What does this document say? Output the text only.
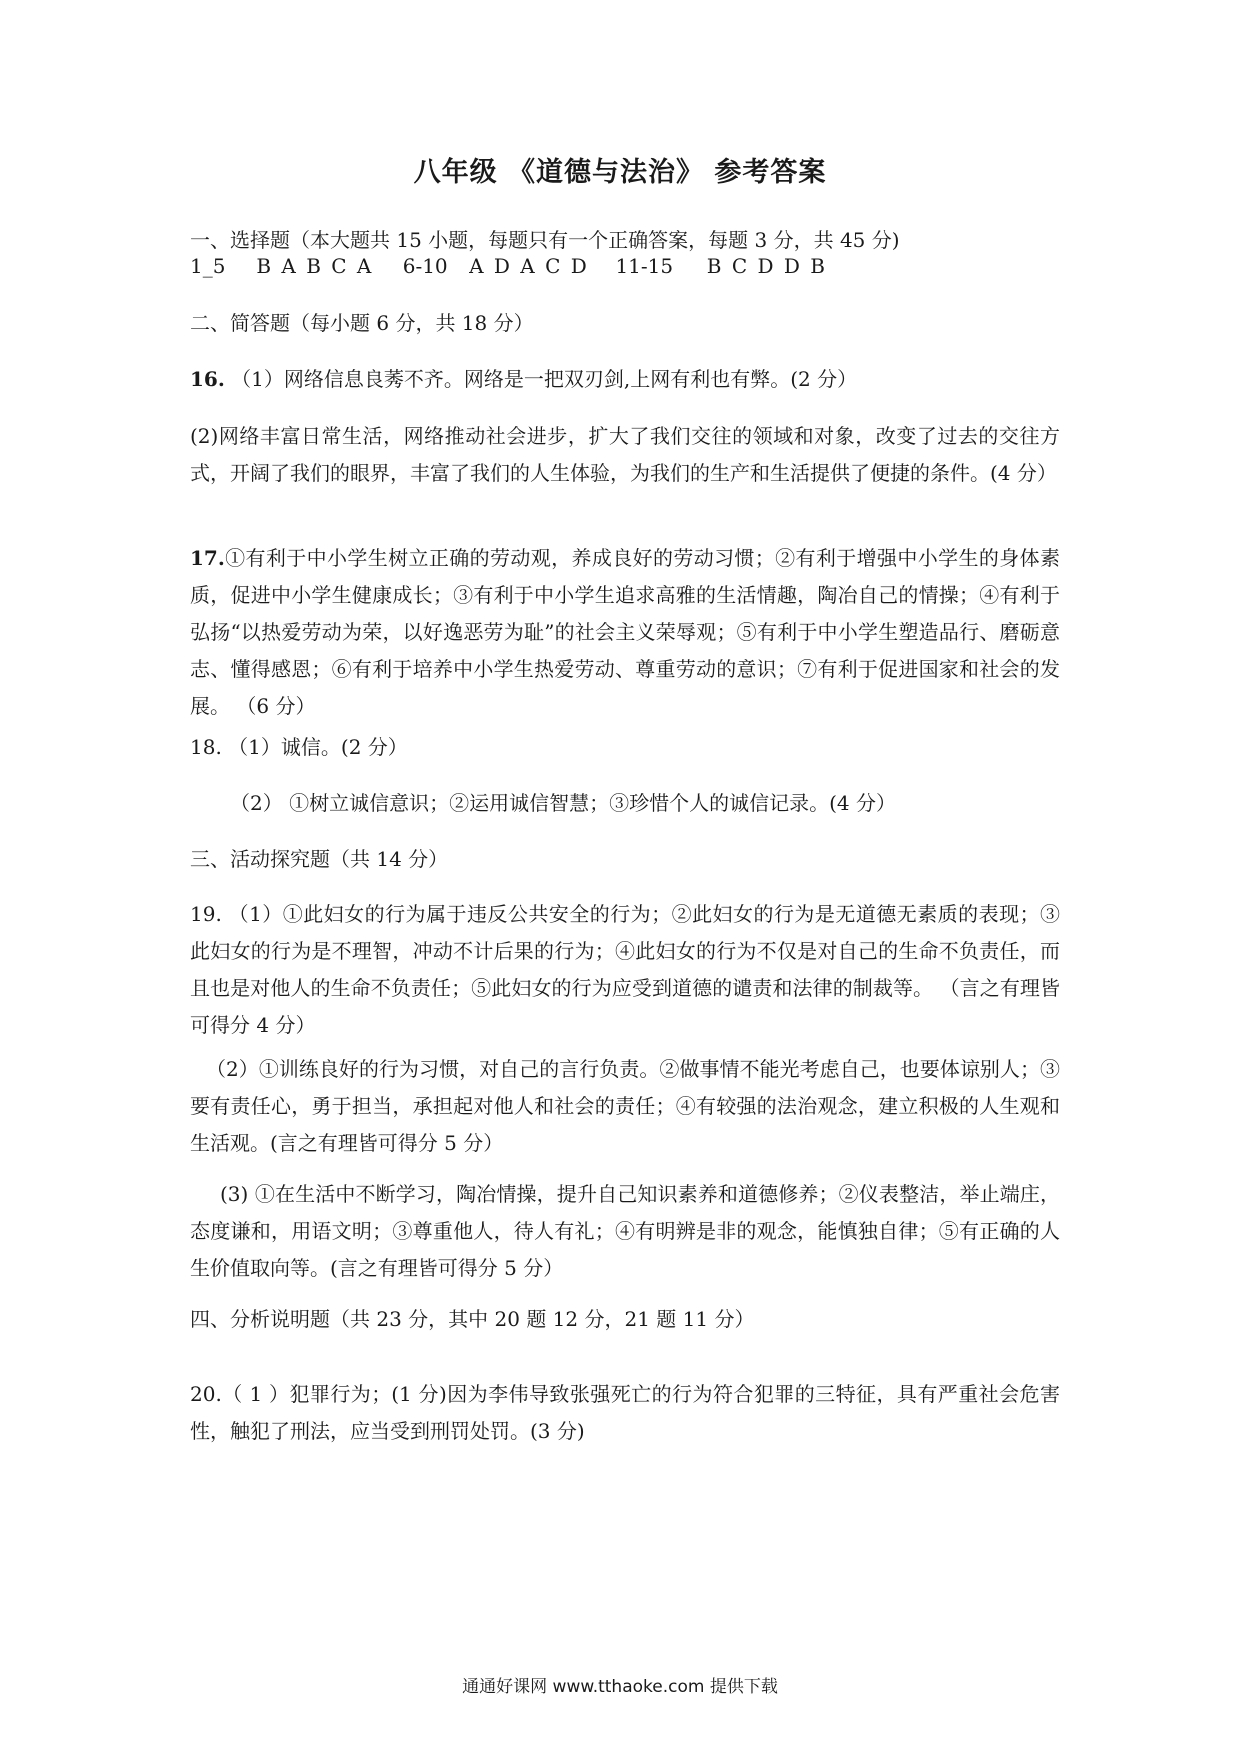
八年级 《道德与法治》 参考答案
一、选择题（本大题共 15 小题，每题只有一个正确答案，每题 3 分，共 45 分)
1_5 B A B C A 6-10 A D A C D 11-15 B C D D B
二、简答题（每小题 6 分，共 18 分）
16. （1）网络信息良莠不齐。网络是一把双刃剑,上网有利也有弊。(2 分）
(2)网络丰富日常生活，网络推动社会进步，扩大了我们交往的领域和对象，改变了过去的交往方式，开阔了我们的眼界，丰富了我们的人生体验，为我们的生产和生活提供了便捷的条件。(4 分）
17.①有利于中小学生树立正确的劳动观，养成良好的劳动习惯；②有利于增强中小学生的身体素质，促进中小学生健康成长；③有利于中小学生追求高雅的生活情趣，陶冶自己的情操；④有利于弘扬“以热爱劳动为荣，以好逸恶劳为耻”的社会主义荣辱观；⑤有利于中小学生塑造品行、磨砺意志、懂得感恩；⑥有利于培养中小学生热爱劳动、尊重劳动的意识；⑦有利于促进国家和社会的发展。 （6 分）
18. （1）诚信。(2 分）
（2） ①树立诚信意识；②运用诚信智慧；③珍惜个人的诚信记录。(4 分）
三、活动探究题（共 14 分）
19. （1）①此妇女的行为属于违反公共安全的行为；②此妇女的行为是无道德无素质的表现；③此妇女的行为是不理智，冲动不计后果的行为；④此妇女的行为不仅是对自己的生命不负责任，而且也是对他人的生命不负责任；⑤此妇女的行为应受到道德的谴责和法律的制裁等。 （言之有理皆可得分 4 分）
（2）①训练良好的行为习惯，对自己的言行负责。②做事情不能光考虑自己，也要体谅别人；③要有责任心，勇于担当，承担起对他人和社会的责任；④有较强的法治观念，建立积极的人生观和生活观。(言之有理皆可得分 5 分）
(3) ①在生活中不断学习，陶冶情操，提升自己知识素养和道德修养；②仪表整洁，举止端庄，态度谦和，用语文明；③尊重他人，待人有礼；④有明辨是非的观念，能慎独自律；⑤有正确的人生价值取向等。(言之有理皆可得分 5 分）
四、分析说明题（共 23 分，其中 20 题 12 分，21 题 11 分）
20.（ 1 ）犯罪行为；(1 分)因为李伟导致张强死亡的行为符合犯罪的三特征，具有严重社会危害性，触犯了刑法，应当受到刑罚处罚。(3 分)
通通好课网 www.tthaoke.com 提供下载
